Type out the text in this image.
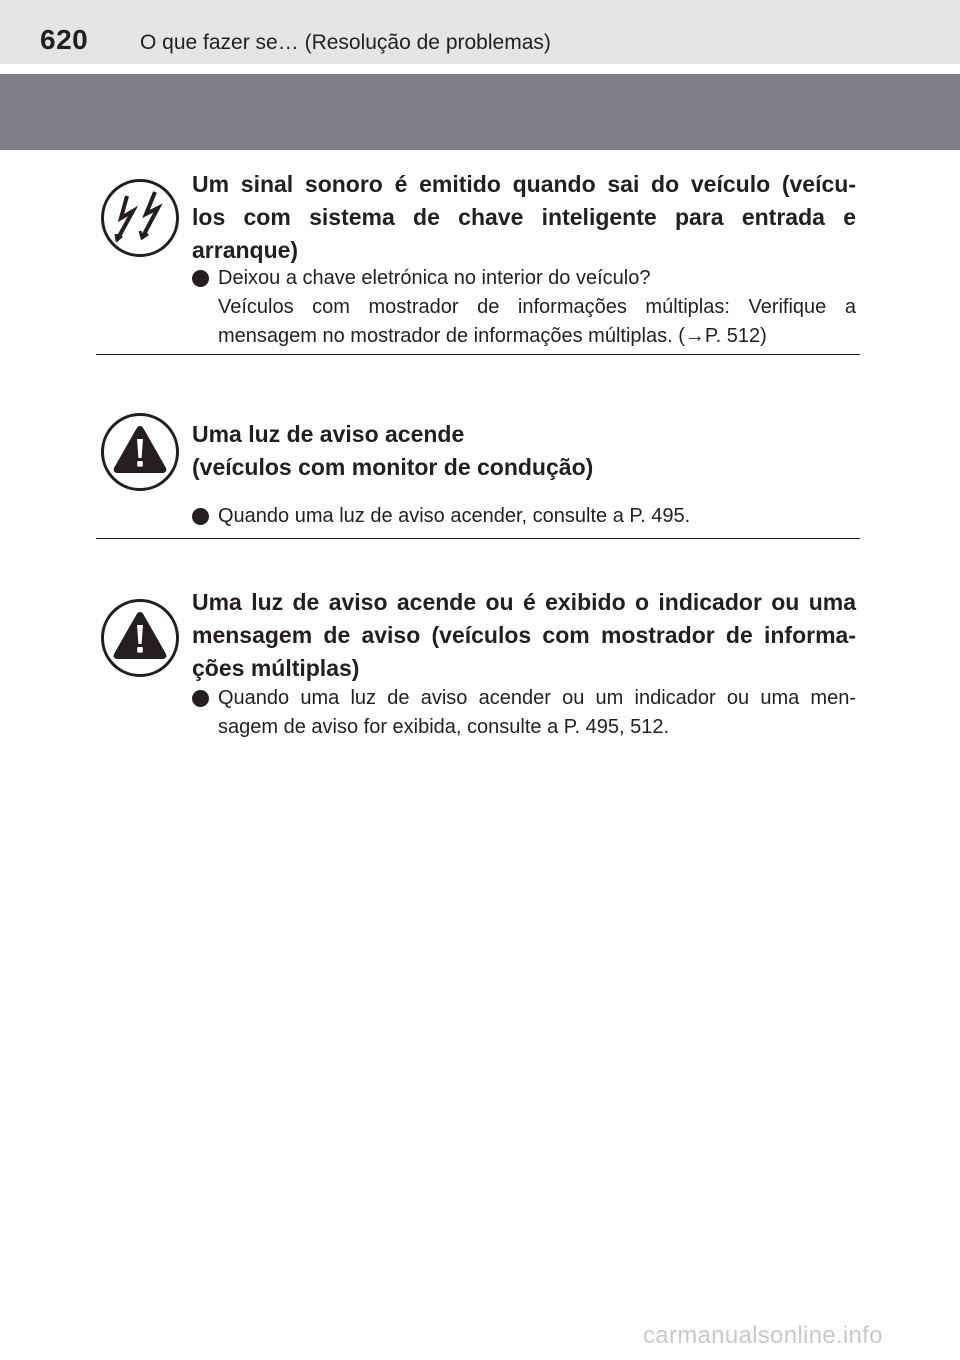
620 O que fazer se… (Resolução de problemas)
Um sinal sonoro é emitido quando sai do veículo (veícu-
los com sistema de chave inteligente para entrada e
arranque)
Deixou a chave eletrónica no interior do veículo?
Veículos com mostrador de informações múltiplas: Verifique a
mensagem no mostrador de informações múltiplas. (→P. 512)
Uma luz de aviso acende
(veículos com monitor de condução)
Quando uma luz de aviso acender, consulte a P. 495.
Uma luz de aviso acende ou é exibido o indicador ou uma
mensagem de aviso (veículos com mostrador de informa-
ções múltiplas)
Quando uma luz de aviso acender ou um indicador ou uma men-
sagem de aviso for exibida, consulte a P. 495, 512.
carmanualsonline.info
